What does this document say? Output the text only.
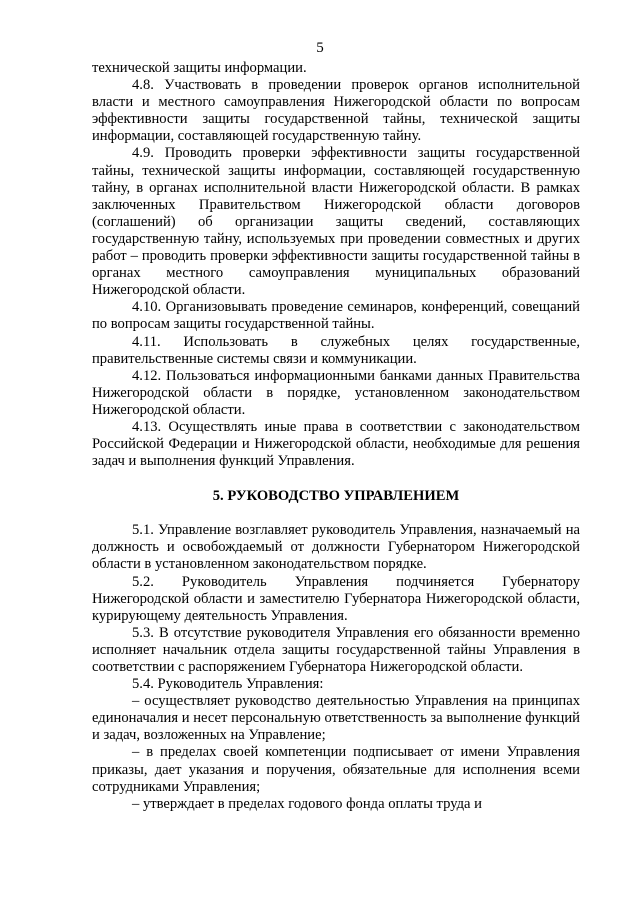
5

технической защиты информации.

4.8. Участвовать в проведении проверок органов исполнительной власти и местного самоуправления Нижегородской области по вопросам эффективности защиты государственной тайны, технической защиты информации, составляющей государственную тайну.

4.9. Проводить проверки эффективности защиты государственной тайны, технической защиты информации, составляющей государственную тайну, в органах исполнительной власти Нижегородской области. В рамках заключенных Правительством Нижегородской области договоров (соглашений) об организации защиты сведений, составляющих государственную тайну, используемых при проведении совместных и других работ – проводить проверки эффективности защиты государственной тайны в органах местного самоуправления муниципальных образований Нижегородской области.

4.10. Организовывать проведение семинаров, конференций, совещаний по вопросам защиты государственной тайны.

4.11. Использовать в служебных целях государственные, правительственные системы связи и коммуникации.

4.12. Пользоваться информационными банками данных Правительства Нижегородской области в порядке, установленном законодательством Нижегородской области.

4.13. Осуществлять иные права в соответствии с законодательством Российской Федерации и Нижегородской области, необходимые для решения задач и выполнения функций Управления.

5. РУКОВОДСТВО УПРАВЛЕНИЕМ

5.1. Управление возглавляет руководитель Управления, назначаемый на должность и освобождаемый от должности Губернатором Нижегородской области в установленном законодательством порядке.

5.2. Руководитель Управления подчиняется Губернатору Нижегородской области и заместителю Губернатора Нижегородской области, курирующему деятельность Управления.

5.3. В отсутствие руководителя Управления его обязанности временно исполняет начальник отдела защиты государственной тайны Управления в соответствии с распоряжением Губернатора Нижегородской области.

5.4. Руководитель Управления:

– осуществляет руководство деятельностью Управления на принципах единоначалия и несет персональную ответственность за выполнение функций и задач, возложенных на Управление;

– в пределах своей компетенции подписывает от имени Управления приказы, дает указания и поручения, обязательные для исполнения всеми сотрудниками Управления;

– утверждает в пределах годового фонда оплаты труда и
